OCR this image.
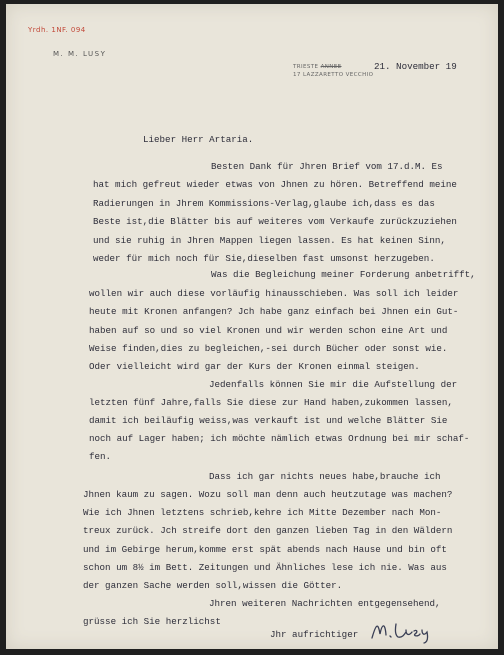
Yrdh. 1NF. 094
M. M. LUSY
TRIESTE ANNEE
17 LAZZARETTO VECCHIO
21. November 19
Lieber Herr Artaria.
Besten Dank für Jhren Brief vom 17.d.M. Es
hat mich gefreut wieder etwas von Jhnen zu hören. Betreffend meine
Radierungen in Jhrem Kommissions-Verlag,glaube ich,dass es das
Beste ist,die Blätter bis auf weiteres vom Verkaufe zurückzuziehen
und sie ruhig in Jhren Mappen liegen lassen. Es hat keinen Sinn,
weder für mich noch für Sie,dieselben fast umsonst herzugeben.
Was die Begleichung meiner Forderung anbetrifft,
wollen wir auch diese vorläufig hinausschieben. Was soll ich leider
heute mit Kronen anfangen? Jch habe ganz einfach bei Jhnen ein Gut-
haben auf so und so viel Kronen und wir werden schon eine Art und
Weise finden,dies zu begleichen,-sei durch Bücher oder sonst wie.
Oder vielleicht wird gar der Kurs der Kronen einmal steigen.
Jedenfalls können Sie mir die Aufstellung der
letzten fünf Jahre,falls Sie diese zur Hand haben,zukommen lassen,
damit ich beiläufig weiss,was verkauft ist und welche Blätter Sie
noch auf Lager haben; ich möchte nämlich etwas Ordnung bei mir schaf-
fen.
Dass ich gar nichts neues habe,brauche ich
Jhnen kaum zu sagen. Wozu soll man denn auch heutzutage was machen?
Wie ich Jhnen letztens schrieb,kehre ich Mitte Dezember nach Mon-
treux zurück. Jch streife dort den ganzen lieben Tag in den Wäldern
und im Gebirge herum,komme erst spät abends nach Hause und bin oft
schon um 8½ im Bett. Zeitungen und Ähnliches lese ich nie. Was aus
der ganzen Sache werden soll,wissen die Götter.
Jhren weiteren Nachrichten entgegensehend,
grüsse ich Sie herzlichst
Jhr aufrichtiger
